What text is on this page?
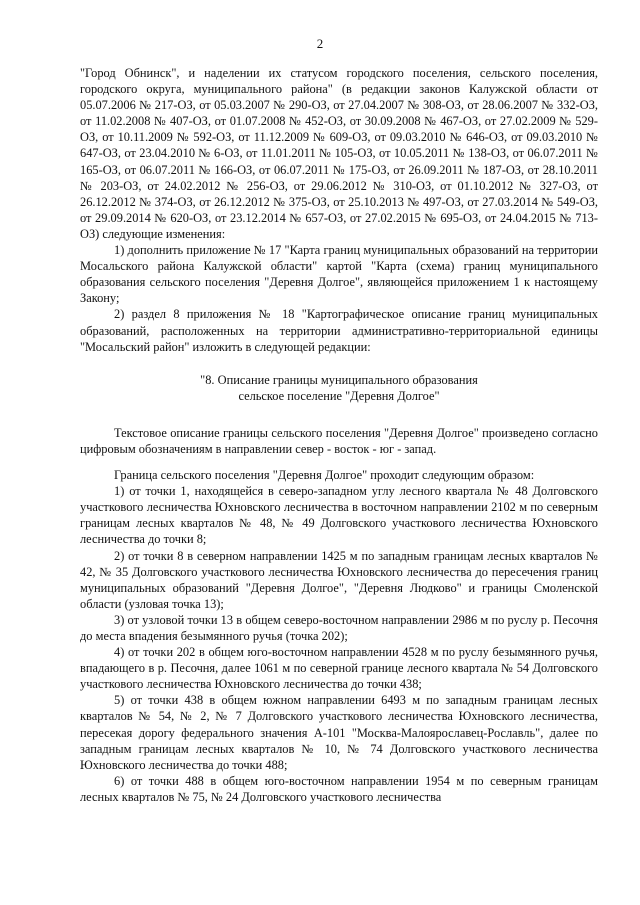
2

"Город Обнинск", и наделении их статусом городского поселения, сельского поселения, городского округа, муниципального района" (в редакции законов Калужской области от 05.07.2006 № 217-ОЗ, от 05.03.2007 № 290-ОЗ, от 27.04.2007 № 308-ОЗ, от 28.06.2007 № 332-ОЗ, от 11.02.2008 № 407-ОЗ, от 01.07.2008 № 452-ОЗ, от 30.09.2008 № 467-ОЗ, от 27.02.2009 № 529-ОЗ, от 10.11.2009 № 592-ОЗ, от 11.12.2009 № 609-ОЗ, от 09.03.2010 № 646-ОЗ, от 09.03.2010 № 647-ОЗ, от 23.04.2010 № 6-ОЗ, от 11.01.2011 № 105-ОЗ, от 10.05.2011 № 138-ОЗ, от 06.07.2011 № 165-ОЗ, от 06.07.2011 № 166-ОЗ, от 06.07.2011 № 175-ОЗ, от 26.09.2011 № 187-ОЗ, от 28.10.2011 № 203-ОЗ, от 24.02.2012 № 256-ОЗ, от 29.06.2012 № 310-ОЗ, от 01.10.2012 № 327-ОЗ, от 26.12.2012 № 374-ОЗ, от 26.12.2012 № 375-ОЗ, от 25.10.2013 № 497-ОЗ, от 27.03.2014 № 549-ОЗ, от 29.09.2014 № 620-ОЗ, от 23.12.2014 № 657-ОЗ, от 27.02.2015 № 695-ОЗ, от 24.04.2015 № 713-ОЗ) следующие изменения:

1) дополнить приложение № 17 "Карта границ муниципальных образований на территории Мосальского района Калужской области" картой "Карта (схема) границ муниципального образования сельского поселения "Деревня Долгое", являющейся приложением 1 к настоящему Закону;

2) раздел 8 приложения № 18 "Картографическое описание границ муниципальных образований, расположенных на территории административно-территориальной единицы "Мосальский район" изложить в следующей редакции:

"8. Описание границы муниципального образования

сельское поселение "Деревня Долгое"

Текстовое описание границы сельского поселения "Деревня Долгое" произведено согласно цифровым обозначениям в направлении север - восток - юг - запад.

Граница сельского поселения "Деревня Долгое" проходит следующим образом:

1) от точки 1, находящейся в северо-западном углу лесного квартала № 48 Долговского участкового лесничества Юхновского лесничества в восточном направлении 2102 м по северным границам лесных кварталов № 48, № 49 Долговского участкового лесничества Юхновского лесничества до точки 8;

2) от точки 8 в северном направлении 1425 м по западным границам лесных кварталов № 42, № 35 Долговского участкового лесничества Юхновского лесничества до пересечения границ муниципальных образований "Деревня Долгое", "Деревня Людково" и границы Смоленской области (узловая точка 13);

3) от узловой точки 13 в общем северо-восточном направлении 2986 м по руслу р. Песочня до места впадения безымянного ручья (точка 202);

4) от точки 202 в общем юго-восточном направлении 4528 м по руслу безымянного ручья, впадающего в р. Песочня, далее 1061 м по северной границе лесного квартала № 54 Долговского участкового лесничества Юхновского лесничества до точки 438;

5) от точки 438 в общем южном направлении 6493 м по западным границам лесных кварталов № 54, № 2, № 7 Долговского участкового лесничества Юхновского лесничества, пересекая дорогу федерального значения А-101 "Москва-Малоярославец-Рославль", далее по западным границам лесных кварталов № 10, № 74 Долговского участкового лесничества Юхновского лесничества до точки 488;

6) от точки 488 в общем юго-восточном направлении 1954 м по северным границам лесных кварталов № 75, № 24 Долговского участкового лесничества
